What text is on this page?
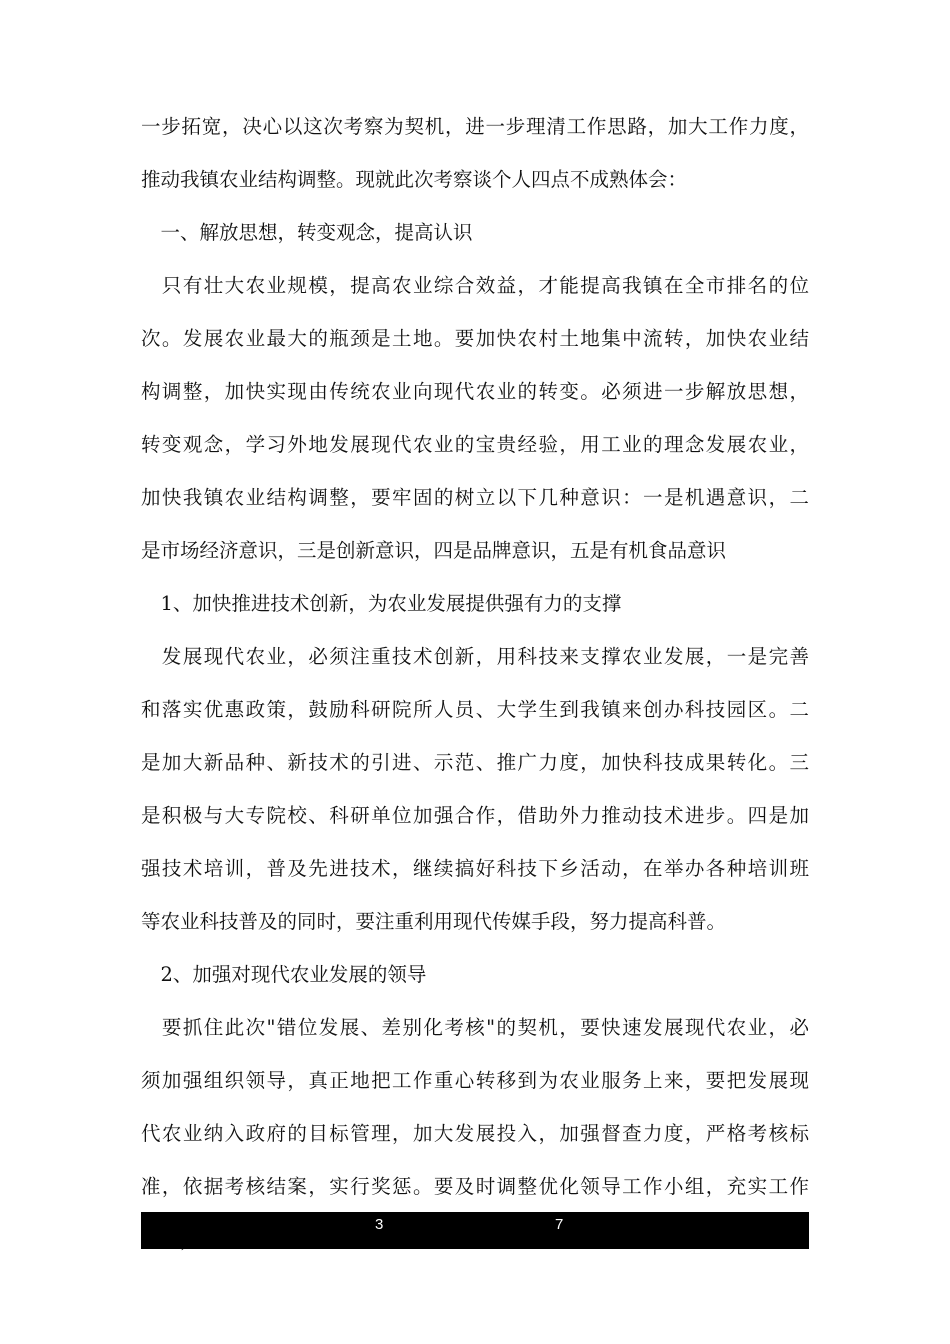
一步拓宽，决心以这次考察为契机，进一步理清工作思路，加大工作力度，
推动我镇农业结构调整。现就此次考察谈个人四点不成熟体会：
　一、解放思想，转变观念，提高认识
　只有壮大农业规模，提高农业综合效益，才能提高我镇在全市排名的位
次。发展农业最大的瓶颈是土地。要加快农村土地集中流转，加快农业结
构调整，加快实现由传统农业向现代农业的转变。必须进一步解放思想，
转变观念，学习外地发展现代农业的宝贵经验，用工业的理念发展农业，
加快我镇农业结构调整，要牢固的树立以下几种意识：一是机遇意识，二
是市场经济意识，三是创新意识，四是品牌意识，五是有机食品意识
　1、加快推进技术创新，为农业发展提供强有力的支撑
　发展现代农业，必须注重技术创新，用科技来支撑农业发展，一是完善
和落实优惠政策，鼓励科研院所人员、大学生到我镇来创办科技园区。二
是加大新品种、新技术的引进、示范、推广力度，加快科技成果转化。三
是积极与大专院校、科研单位加强合作，借助外力推动技术进步。四是加
强技术培训，普及先进技术，继续搞好科技下乡活动，在举办各种培训班
等农业科技普及的同时，要注重利用现代传媒手段，努力提高科普。
　2、加强对现代农业发展的领导
　要抓住此次"错位发展、差别化考核"的契机，要快速发展现代农业，必
须加强组织领导，真正地把工作重心转移到为农业服务上来，要把发展现
代农业纳入政府的目标管理，加大发展投入，加强督查力度，严格考核标
准，依据考核结案，实行奖惩。要及时调整优化领导工作小组，充实工作
3	7
